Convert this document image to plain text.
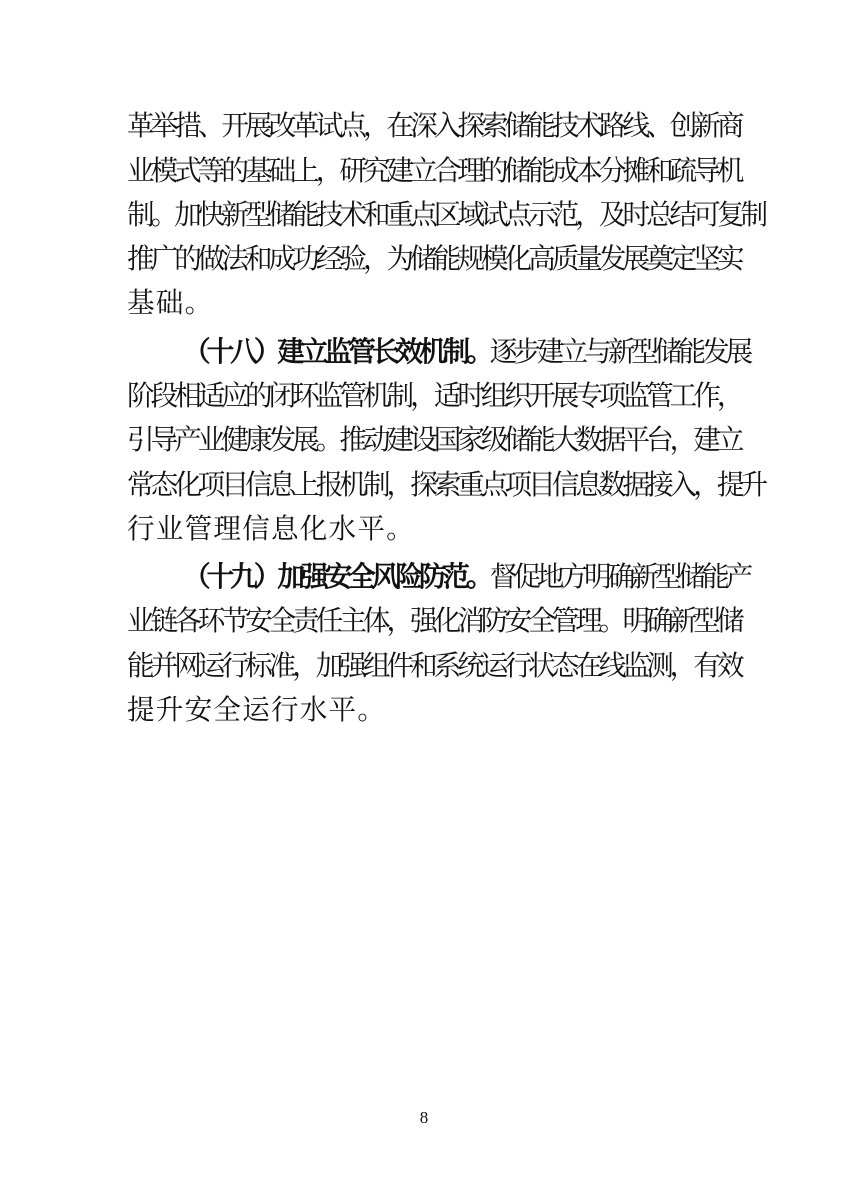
革举措、开展改革试点，在深入探索储能技术路线、创新商
业模式等的基础上，研究建立合理的储能成本分摊和疏导机
制。加快新型储能技术和重点区域试点示范，及时总结可复制
推广的做法和成功经验，为储能规模化高质量发展奠定坚实
基础。
（十八）建立监管长效机制。 逐步建立与新型储能发展
阶段相适应的闭环监管机制，适时组织开展专项监管工作，
引导产业健康发展。推动建设国家级储能大数据平台，建立
常态化项目信息上报机制，探索重点项目信息数据接入，提升
行业管理信息化水平。
（十九）加强安全风险防范。 督促地方明确新型储能产
业链各环节安全责任主体，强化消防安全管理。明确新型储
能并网运行标准，加强组件和系统运行状态在线监测，有效
提升安全运行水平。
8
